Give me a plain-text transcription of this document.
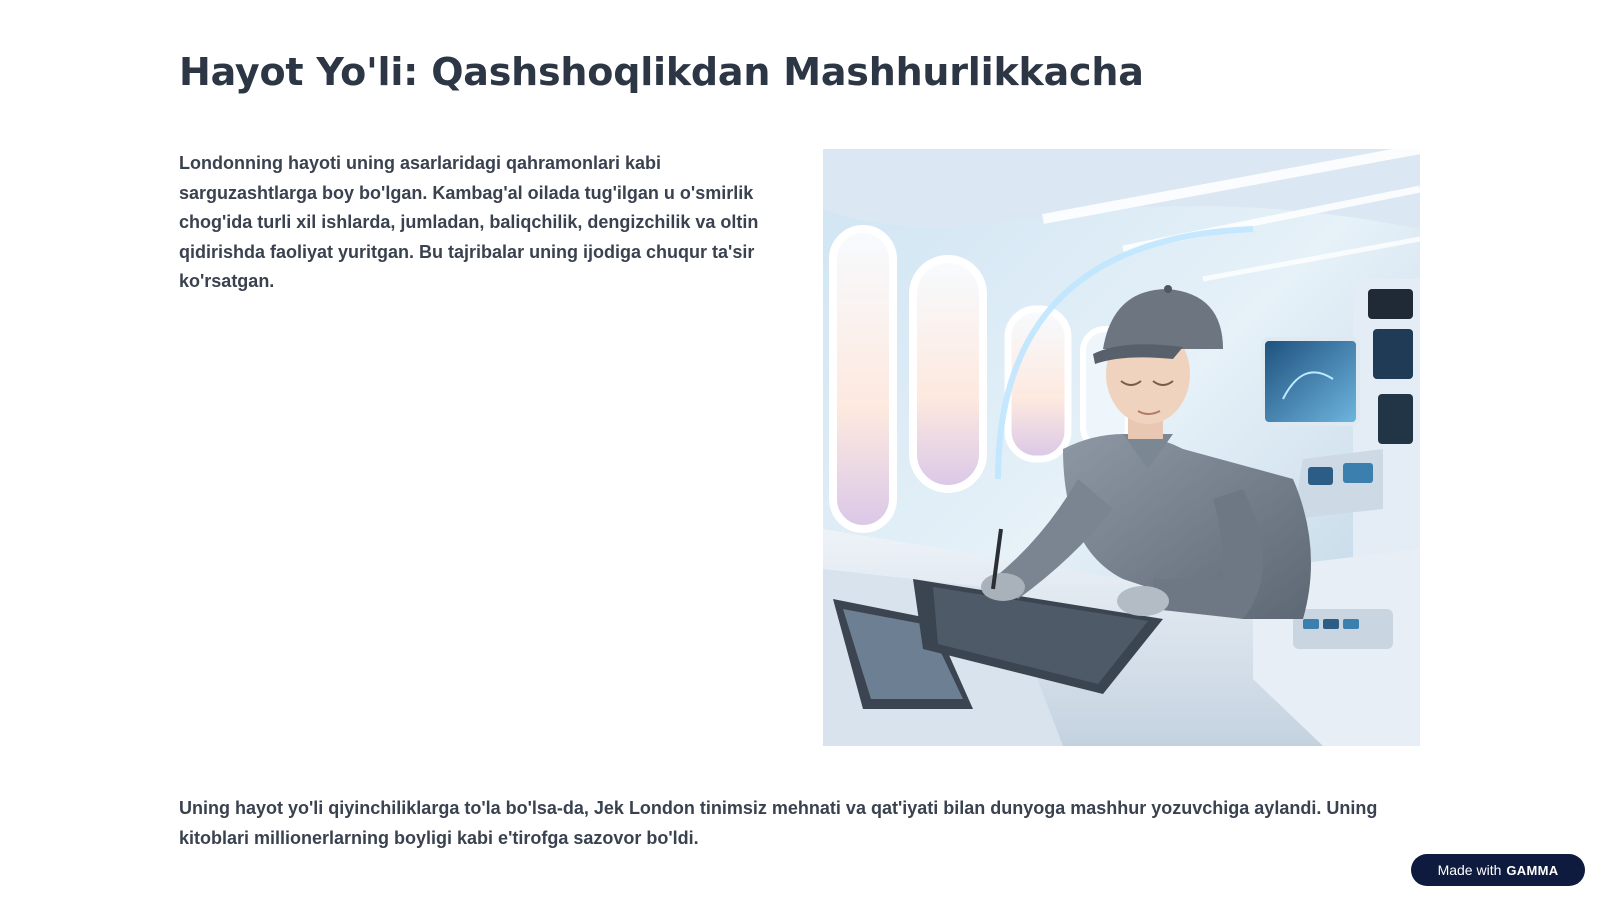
Hayot Yo'li: Qashshoqlikdan Mashhurlikkacha

Londonning hayoti uning asarlaridagi qahramonlari kabi sarguzashtlarga boy bo'lgan. Kambag'al oilada tug'ilgan u o'smirlik chog'ida turli xil ishlarda, jumladan, baliqchilik, dengizchilik va oltin qidirishda faoliyat yuritgan. Bu tajribalar uning ijodiga chuqur ta'sir ko'rsatgan.

Uning hayot yo'li qiyinchiliklarga to'la bo'lsa-da, Jek London tinimsiz mehnati va qat'iyati bilan dunyoga mashhur yozuvchiga aylandi. Uning kitoblari millionerlarning boyligi kabi e'tirofga sazovor bo'ldi.

Made with GAMMA
